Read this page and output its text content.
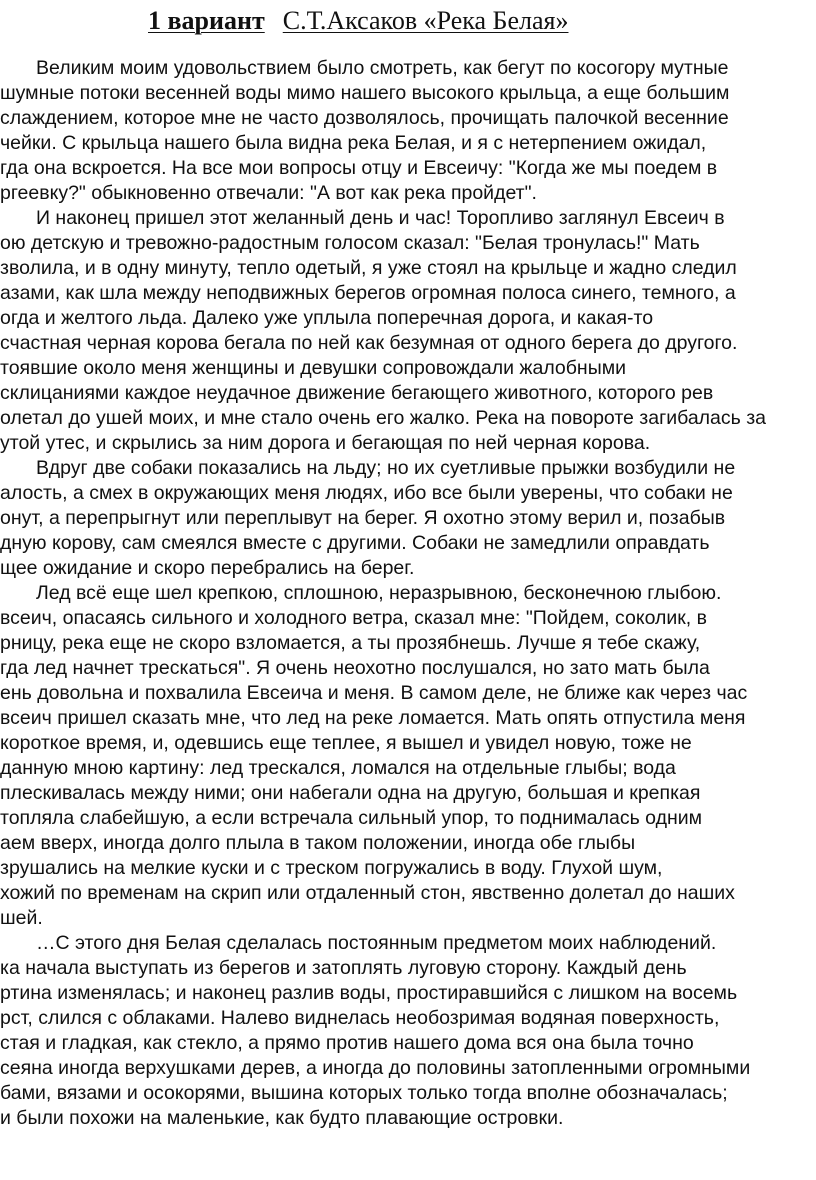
1 вариант С.Т.Аксаков «Река Белая»
Великим моим удовольствием было смотреть, как бегут по косогору мутные
шумные потоки весенней воды мимо нашего высокого крыльца, а еще большим
слаждением, которое мне не часто дозволялось, прочищать палочкой весенние
чейки. С крыльца нашего была видна река Белая, и я с нетерпением ожидал,
гда она вскроется. На все мои вопросы отцу и Евсеичу: "Когда же мы поедем в
ргеевку?" обыкновенно отвечали: "А вот как река пройдет".
И наконец пришел этот желанный день и час! Торопливо заглянул Евсеич в
ою детскую и тревожно-радостным голосом сказал: "Белая тронулась!" Мать
зволила, и в одну минуту, тепло одетый, я уже стоял на крыльце и жадно следил
азами, как шла между неподвижных берегов огромная полоса синего, темного, а
огда и желтого льда. Далеко уже уплыла поперечная дорога, и какая-то
счастная черная корова бегала по ней как безумная от одного берега до другого.
тоявшие около меня женщины и девушки сопровождали жалобными
склицаниями каждое неудачное движение бегающего животного, которого рев
олетал до ушей моих, и мне стало очень его жалко. Река на повороте загибалась за
утой утес, и скрылись за ним дорога и бегающая по ней черная корова.
Вдруг две собаки показались на льду; но их суетливые прыжки возбудили не
алость, а смех в окружающих меня людях, ибо все были уверены, что собаки не
онут, а перепрыгнут или переплывут на берег. Я охотно этому верил и, позабыв
дную корову, сам смеялся вместе с другими. Собаки не замедлили оправдать
щее ожидание и скоро перебрались на берег.
Лед всё еще шел крепкою, сплошною, неразрывною, бесконечною глыбою.
всеич, опасаясь сильного и холодного ветра, сказал мне: "Пойдем, соколик, в
рницу, река еще не скоро взломается, а ты прозябнешь. Лучше я тебе скажу,
гда лед начнет трескаться". Я очень неохотно послушался, но зато мать была
ень довольна и похвалила Евсеича и меня. В самом деле, не ближе как через час
всеич пришел сказать мне, что лед на реке ломается. Мать опять отпустила меня
короткое время, и, одевшись еще теплее, я вышел и увидел новую, тоже не
данную мною картину: лед трескался, ломался на отдельные глыбы; вода
плескивалась между ними; они набегали одна на другую, большая и крепкая
топляла слабейшую, а если встречала сильный упор, то поднималась одним
аем вверх, иногда долго плыла в таком положении, иногда обе глыбы
зрушались на мелкие куски и с треском погружались в воду. Глухой шум,
хожий по временам на скрип или отдаленный стон, явственно долетал до наших
шей.
…С этого дня Белая сделалась постоянным предметом моих наблюдений.
ка начала выступать из берегов и затоплять луговую сторону. Каждый день
ртина изменялась; и наконец разлив воды, простиравшийся с лишком на восемь
рст, слился с облаками. Налево виднелась необозримая водяная поверхность,
стая и гладкая, как стекло, а прямо против нашего дома вся она была точно
сеяна иногда верхушками дерев, а иногда до половины затопленными огромными
бами, вязами и осокорями, вышина которых только тогда вполне обозначалась;
и были похожи на маленькие, как будто плавающие островки.
